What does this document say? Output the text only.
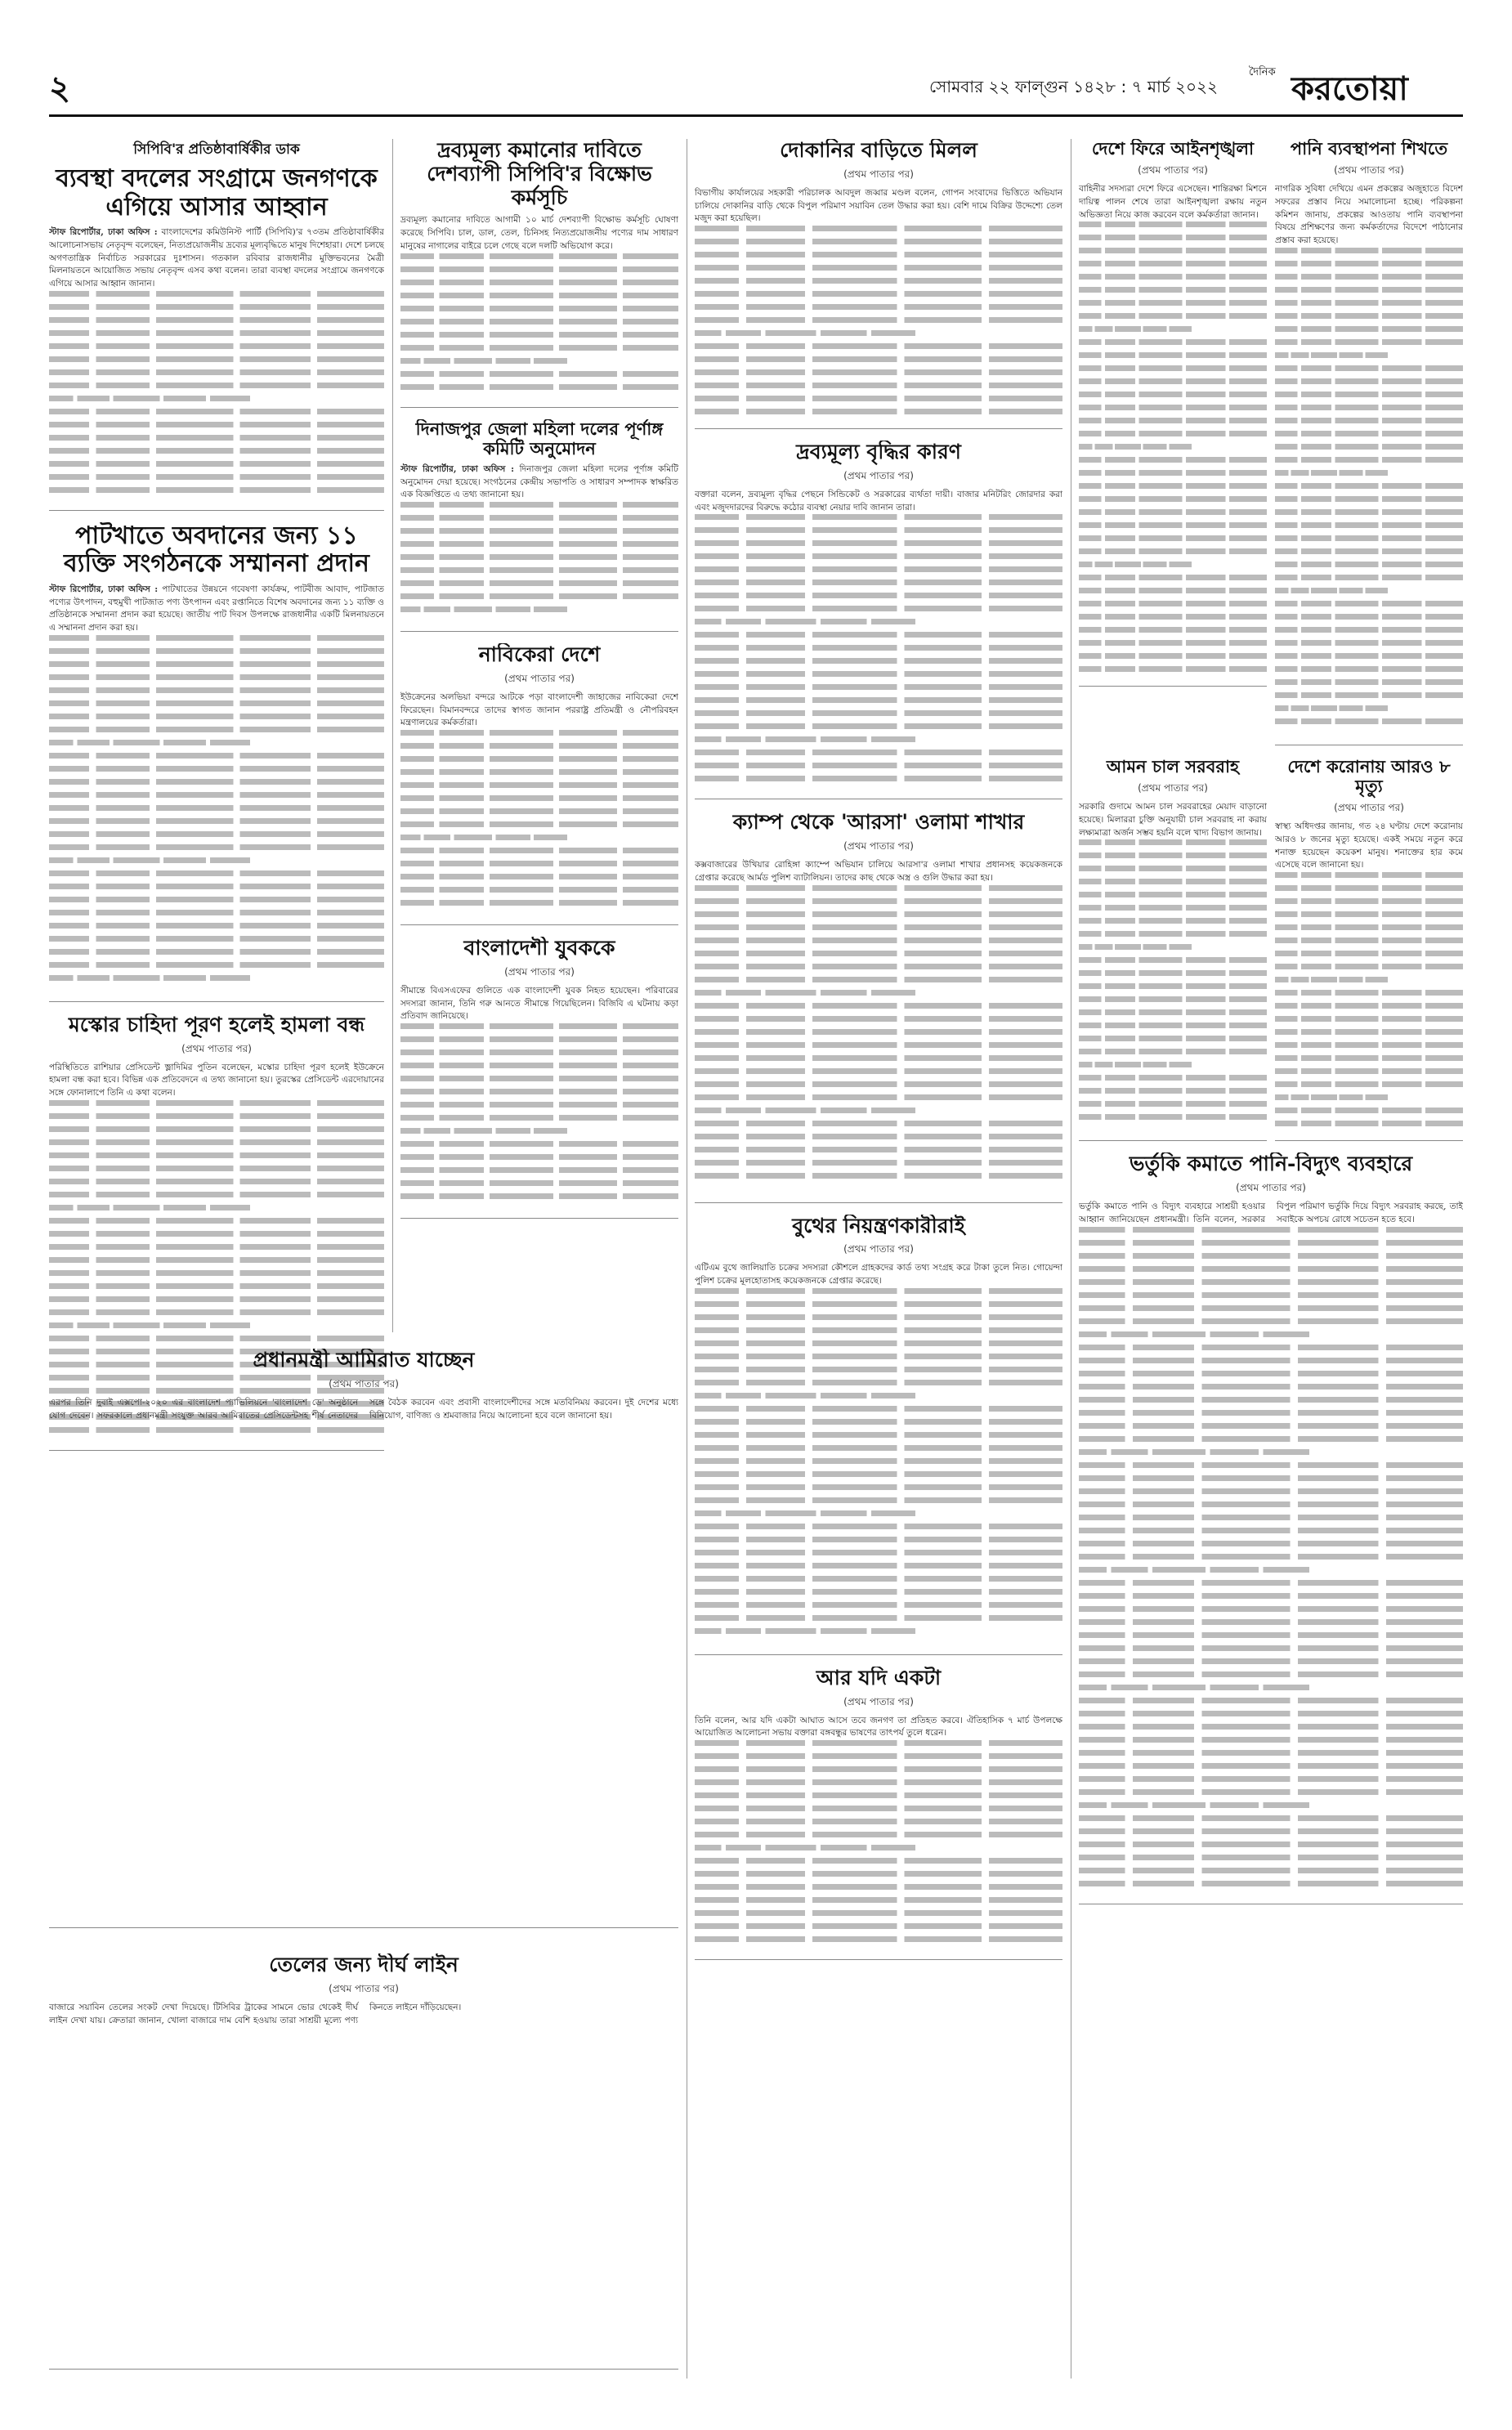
২	সোমবার ২২ ফাল্গুন ১৪২৮ : ৭ মার্চ ২০২২
দৈনিক করতোয়া
সিপিবি'র প্রতিষ্ঠাবার্ষিকীর ডাক
ব্যবস্থা বদলের সংগ্রামে জনগণকে এগিয়ে আসার আহ্বান
স্টাফ রিপোর্টার, ঢাকা অফিস : বাংলাদেশের কমিউনিস্ট পার্টি (সিপিবি)'র ৭৩তম প্রতিষ্ঠাবার্ষিকীর আলোচনাসভায় নেতৃবৃন্দ বলেছেন, নিত্যপ্রয়োজনীয় দ্রব্যের মূল্যবৃদ্ধিতে মানুষ দিশেহারা। দেশে চলছে অগণতান্ত্রিক নির্বাচিত সরকারের দুঃশাসন। গতকাল রবিবার রাজধানীর মুক্তিভবনের মৈত্রী মিলনায়তনে আয়োজিত সভায় নেতৃবৃন্দ এসব কথা বলেন। তারা ব্যবস্থা বদলের সংগ্রামে জনগণকে এগিয়ে আসার আহ্বান জানান।
পাটখাতে অবদানের জন্য ১১ ব্যক্তি সংগঠনকে সম্মাননা প্রদান
স্টাফ রিপোর্টার, ঢাকা অফিস : পাটখাতের উন্নয়নে গবেষণা কার্যক্রম, পাটবীজ আবাদ, পাটজাত পণ্যের উৎপাদন, বহুমুখী পাটজাত পণ্য উৎপাদন এবং রপ্তানিতে বিশেষ অবদানের জন্য ১১ ব্যক্তি ও প্রতিষ্ঠানকে সম্মাননা প্রদান করা হয়েছে। জাতীয় পাট দিবস উপলক্ষে রাজধানীর একটি মিলনায়তনে এ সম্মাননা প্রদান করা হয়।
মস্কোর চাহিদা পূরণ হলেই হামলা বন্ধ
(প্রথম পাতার পর)
পরিস্থিতিতে রাশিয়ার প্রেসিডেন্ট ভ্লাদিমির পুতিন বলেছেন, মস্কোর চাহিদা পূরণ হলেই ইউক্রেনে হামলা বন্ধ করা হবে। বিভিন্ন এক প্রতিবেদনে এ তথ্য জানানো হয়। তুরস্কের প্রেসিডেন্ট এরদোয়ানের সঙ্গে ফোনালাপে তিনি এ কথা বলেন।
দ্রব্যমূল্য কমানোর দাবিতে দেশব্যাপী সিপিবি'র বিক্ষোভ কর্মসূচি
দ্রব্যমূল্য কমানোর দাবিতে আগামী ১০ মার্চ দেশব্যাপী বিক্ষোভ কর্মসূচি ঘোষণা করেছে সিপিবি। চাল, ডাল, তেল, চিনিসহ নিত্যপ্রয়োজনীয় পণ্যের দাম সাধারণ মানুষের নাগালের বাইরে চলে গেছে বলে দলটি অভিযোগ করে।
দিনাজপুর জেলা মহিলা দলের পূর্ণাঙ্গ কমিটি অনুমোদন
স্টাফ রিপোর্টার, ঢাকা অফিস : দিনাজপুর জেলা মহিলা দলের পূর্ণাঙ্গ কমিটি অনুমোদন দেয়া হয়েছে। সংগঠনের কেন্দ্রীয় সভাপতি ও সাধারণ সম্পাদক স্বাক্ষরিত এক বিজ্ঞপ্তিতে এ তথ্য জানানো হয়।
নাবিকেরা দেশে
(প্রথম পাতার পর)
ইউক্রেনের অলভিয়া বন্দরে আটকে পড়া বাংলাদেশী জাহাজের নাবিকেরা দেশে ফিরেছেন। বিমানবন্দরে তাদের স্বাগত জানান পররাষ্ট্র প্রতিমন্ত্রী ও নৌপরিবহন মন্ত্রণালয়ের কর্মকর্তারা।
বাংলাদেশী যুবককে
(প্রথম পাতার পর)
সীমান্তে বিএসএফের গুলিতে এক বাংলাদেশী যুবক নিহত হয়েছেন। পরিবারের সদস্যরা জানান, তিনি গরু আনতে সীমান্তে গিয়েছিলেন। বিজিবি এ ঘটনায় কড়া প্রতিবাদ জানিয়েছে।
প্রধানমন্ত্রী আমিরাত যাচ্ছেন
(প্রথম পাতার পর)
এরপর তিনি দুবাই এক্সপো-২০২০ এর বাংলাদেশ প্যাভিলিয়নে 'বাংলাদেশ ডে' অনুষ্ঠানে যোগ দেবেন। সফরকালে প্রধানমন্ত্রী সংযুক্ত আরব আমিরাতের প্রেসিডেন্টসহ শীর্ষ নেতাদের সঙ্গে বৈঠক করবেন এবং প্রবাসী বাংলাদেশীদের সঙ্গে মতবিনিময় করবেন। দুই দেশের মধ্যে বিনিয়োগ, বাণিজ্য ও শ্রমবাজার নিয়ে আলোচনা হবে বলে জানানো হয়।
তেলের জন্য দীর্ঘ লাইন
(প্রথম পাতার পর)
বাজারে সয়াবিন তেলের সংকট দেখা দিয়েছে। টিসিবির ট্রাকের সামনে ভোর থেকেই দীর্ঘ লাইন দেখা যায়। ক্রেতারা জানান, খোলা বাজারে দাম বেশি হওয়ায় তারা সাশ্রয়ী মূল্যে পণ্য কিনতে লাইনে দাঁড়িয়েছেন।
দোকানির বাড়িতে মিলল
(প্রথম পাতার পর)
বিভাগীয় কার্যালয়ের সহকারী পরিচালক আবদুল জব্বার মণ্ডল বলেন, গোপন সংবাদের ভিত্তিতে অভিযান চালিয়ে দোকানির বাড়ি থেকে বিপুল পরিমাণ সয়াবিন তেল উদ্ধার করা হয়। বেশি দামে বিক্রির উদ্দেশ্যে তেল মজুদ করা হয়েছিল।
দ্রব্যমূল্য বৃদ্ধির কারণ
(প্রথম পাতার পর)
বক্তারা বলেন, দ্রব্যমূল্য বৃদ্ধির পেছনে সিন্ডিকেট ও সরকারের ব্যর্থতা দায়ী। বাজার মনিটরিং জোরদার করা এবং মজুদদারদের বিরুদ্ধে কঠোর ব্যবস্থা নেয়ার দাবি জানান তারা।
ক্যাম্প থেকে 'আরসা' ওলামা শাখার
(প্রথম পাতার পর)
কক্সবাজারের উখিয়ার রোহিঙ্গা ক্যাম্পে অভিযান চালিয়ে আরসা'র ওলামা শাখার প্রধানসহ কয়েকজনকে গ্রেপ্তার করেছে আর্মড পুলিশ ব্যাটালিয়ন। তাদের কাছ থেকে অস্ত্র ও গুলি উদ্ধার করা হয়।
বুথের নিয়ন্ত্রণকারীরাই
(প্রথম পাতার পর)
এটিএম বুথে জালিয়াতি চক্রের সদস্যরা কৌশলে গ্রাহকদের কার্ড তথ্য সংগ্রহ করে টাকা তুলে নিত। গোয়েন্দা পুলিশ চক্রের মূলহোতাসহ কয়েকজনকে গ্রেপ্তার করেছে।
আর যদি একটা
(প্রথম পাতার পর)
তিনি বলেন, আর যদি একটা আঘাত আসে তবে জনগণ তা প্রতিহত করবে। ঐতিহাসিক ৭ মার্চ উপলক্ষে আয়োজিত আলোচনা সভায় বক্তারা বঙ্গবন্ধুর ভাষণের তাৎপর্য তুলে ধরেন।
দেশে ফিরে আইনশৃঙ্খলা
(প্রথম পাতার পর)
বাহিনীর সদস্যরা দেশে ফিরে এসেছেন। শান্তিরক্ষা মিশনে দায়িত্ব পালন শেষে তারা আইনশৃঙ্খলা রক্ষায় নতুন অভিজ্ঞতা নিয়ে কাজ করবেন বলে কর্মকর্তারা জানান।
পানি ব্যবস্থাপনা শিখতে
(প্রথম পাতার পর)
নাগরিক সুবিধা দেখিয়ে এমন প্রকল্পের অজুহাতে বিদেশ সফরের প্রস্তাব নিয়ে সমালোচনা হচ্ছে। পরিকল্পনা কমিশন জানায়, প্রকল্পের আওতায় পানি ব্যবস্থাপনা বিষয়ে প্রশিক্ষণের জন্য কর্মকর্তাদের বিদেশে পাঠানোর প্রস্তাব করা হয়েছে।
আমন চাল সরবরাহ
(প্রথম পাতার পর)
সরকারি গুদামে আমন চাল সরবরাহের মেয়াদ বাড়ানো হয়েছে। মিলাররা চুক্তি অনুযায়ী চাল সরবরাহ না করায় লক্ষ্যমাত্রা অর্জন সম্ভব হয়নি বলে খাদ্য বিভাগ জানায়।
দেশে করোনায় আরও ৮ মৃত্যু
(প্রথম পাতার পর)
স্বাস্থ্য অধিদপ্তর জানায়, গত ২৪ ঘণ্টায় দেশে করোনায় আরও ৮ জনের মৃত্যু হয়েছে। একই সময়ে নতুন করে শনাক্ত হয়েছেন কয়েকশ মানুষ। শনাক্তের হার কমে এসেছে বলে জানানো হয়।
ভর্তুকি কমাতে পানি-বিদ্যুৎ ব্যবহারে
(প্রথম পাতার পর)
ভর্তুকি কমাতে পানি ও বিদ্যুৎ ব্যবহারে সাশ্রয়ী হওয়ার আহ্বান জানিয়েছেন প্রধানমন্ত্রী। তিনি বলেন, সরকার বিপুল পরিমাণ ভর্তুকি দিয়ে বিদ্যুৎ সরবরাহ করছে, তাই সবাইকে অপচয় রোধে সচেতন হতে হবে।
